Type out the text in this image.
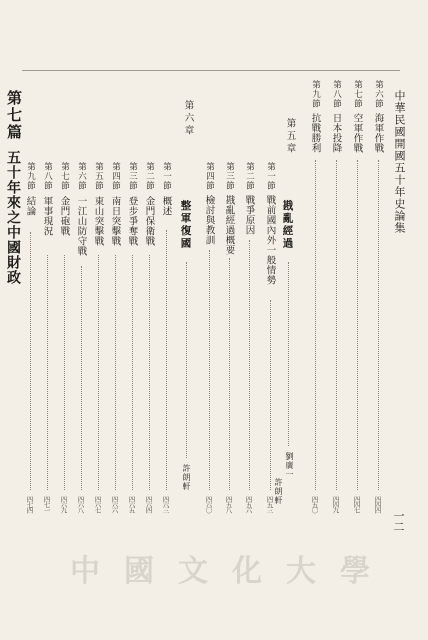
中華民國開國五十年史論集
一二
第六節
海軍作戰
四四四
第七節
空軍作戰
四四七
第八節
日本投降
四四九
第九節
抗戰勝利
四五〇
第五章
戡亂經過
劉廣一
許朗軒
第一節
戰前國內外一般情勢
四五三
第二節
戰爭原因
四五六
第三節
戡亂經過概要
四五八
第四節
檢討與教訓
四六〇
第六章
整軍復國
許朗軒
第一節
概述
四六三
第二節
金門保衛戰
四六四
第三節
登步爭奪戰
四六五
第四節
南日突擊戰
四六六
第五節
東山突擊戰
四六七
第六節
一江山防守戰
四六八
第七節
金門砲戰
四六九
第八節
軍事現況
四七一
第九節
結論
四七四
第七篇
五十年來之中國財政
中 國 文 化 大 學
